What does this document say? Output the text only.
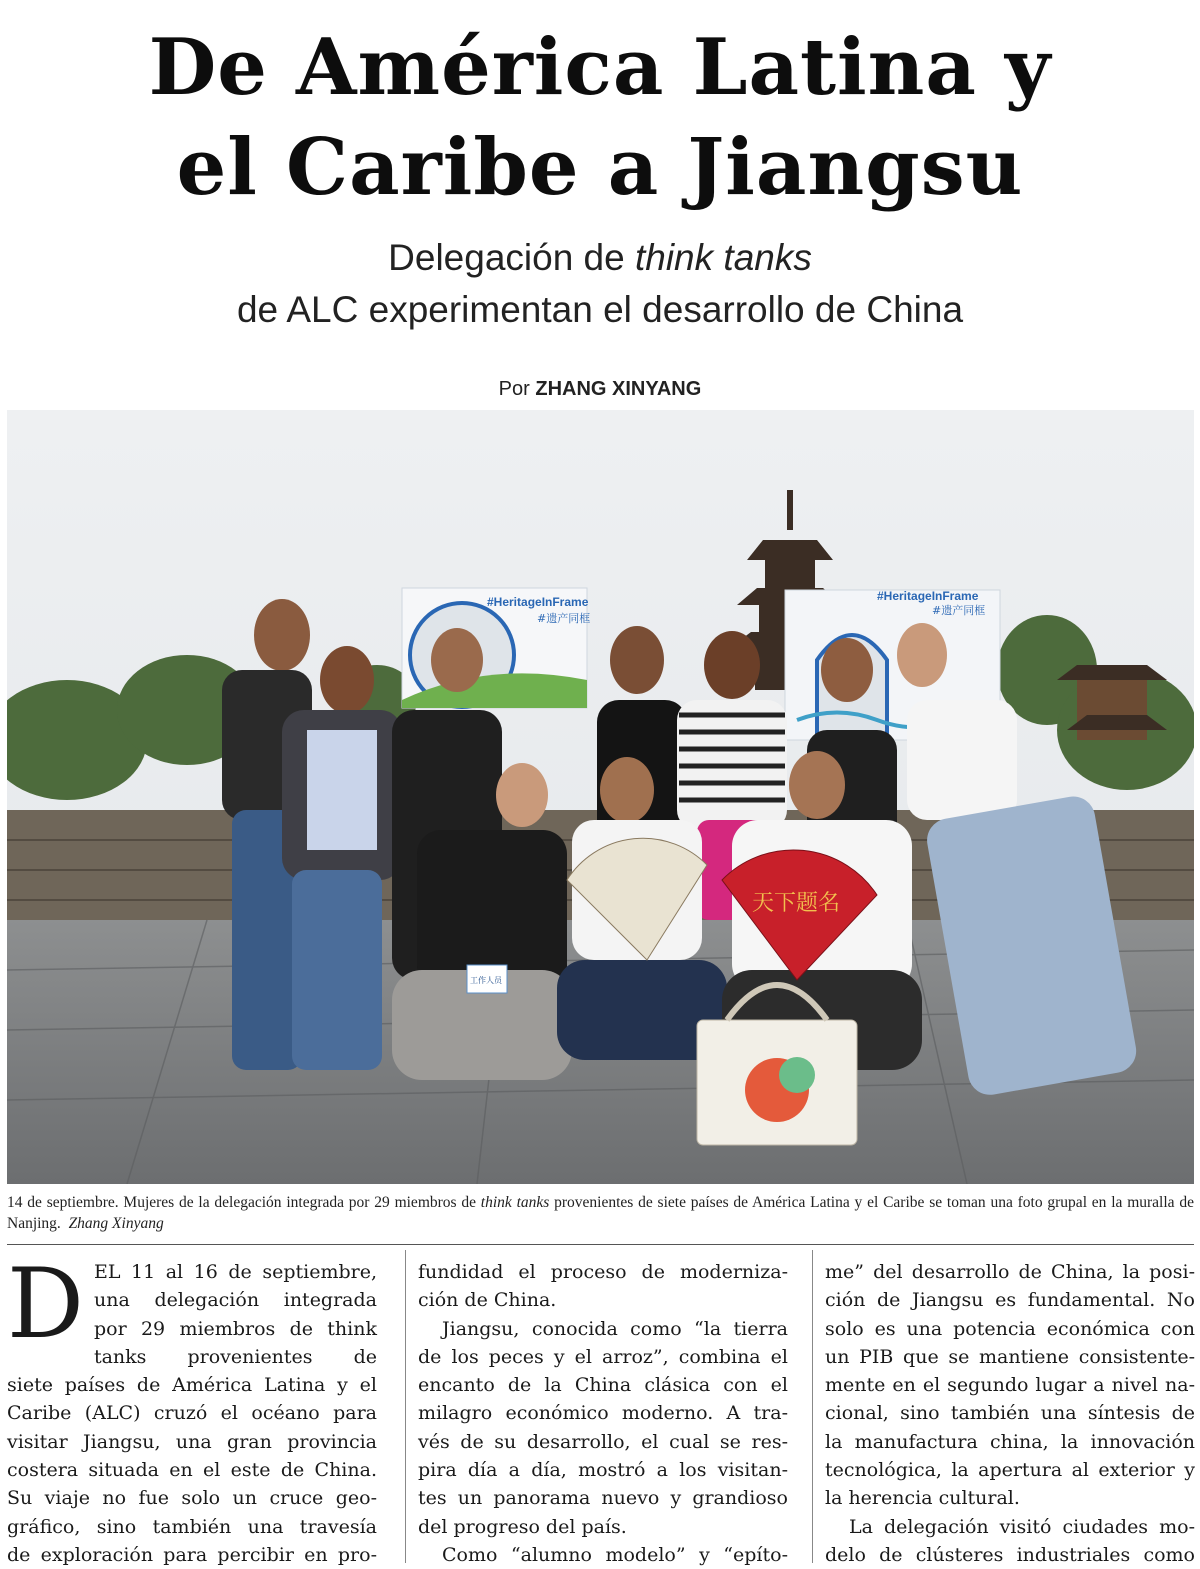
De América Latina y
el Caribe a Jiangsu
Delegación de think tanks
de ALC experimentan el desarrollo de China
Por ZHANG XINYANG
#HeritageInFrame
#遗产同框
#HeritageInFrame
#遗产同框
天下题名
工作人员
14 de septiembre. Mujeres de la delegación integrada por 29 miembros de think tanks provenientes de siete países de América Latina y el Caribe se toman una foto grupal en la muralla de Nanjing. Zhang Xinyang
D EL 11 al 16 de septiembre,
una delegación integrada
por 29 miembros de think
tanks provenientes de
siete países de América Latina y el
Caribe (ALC) cruzó el océano para
visitar Jiangsu, una gran provincia
costera situada en el este de China.
Su viaje no fue solo un cruce geo-
gráfico, sino también una travesía
de exploración para percibir en pro-
fundidad el proceso de moderniza-
ción de China.
Jiangsu, conocida como “la tierra
de los peces y el arroz”, combina el
encanto de la China clásica con el
milagro económico moderno. A tra-
vés de su desarrollo, el cual se res-
pira día a día, mostró a los visitan-
tes un panorama nuevo y grandioso
del progreso del país.
Como “alumno modelo” y “epíto-
me” del desarrollo de China, la posi-
ción de Jiangsu es fundamental. No
solo es una potencia económica con
un PIB que se mantiene consistente-
mente en el segundo lugar a nivel na-
cional, sino también una síntesis de
la manufactura china, la innovación
tecnológica, la apertura al exterior y
la herencia cultural.
La delegación visitó ciudades mo-
delo de clústeres industriales como
